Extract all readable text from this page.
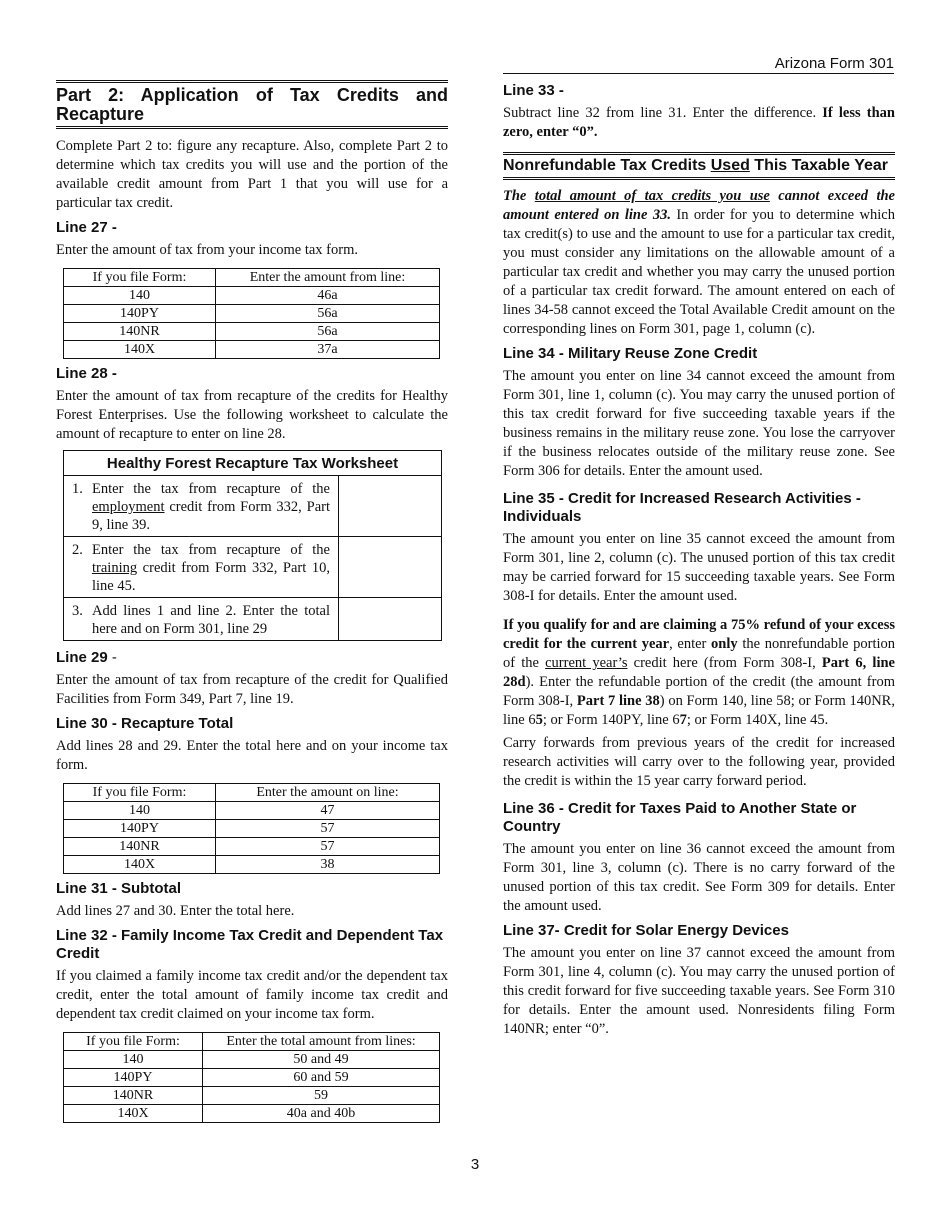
Arizona Form 301
Part 2: Application of Tax Credits and Recapture

Complete Part 2 to: figure any recapture. Also, complete Part 2 to determine which tax credits you will use and the portion of the available credit amount from Part 1 that you will use for a particular tax credit.

Line 27 -

Enter the amount of tax from your income tax form.

If you file Form:	Enter the amount from line:
140	46a
140PY	56a
140NR	56a
140X	37a
Line 28 -

Enter the amount of tax from recapture of the credits for Healthy Forest Enterprises. Use the following worksheet to calculate the amount of recapture to enter on line 28.

Healthy Forest Recapture Tax Worksheet
1. Enter the tax from recapture of the employment credit from Form 332, Part 9, line 39.
2. Enter the tax from recapture of the training credit from Form 332, Part 10, line 45.
3. Add lines 1 and line 2. Enter the total here and on Form 301, line 29
Line 29 -

Enter the amount of tax from recapture of the credit for Qualified Facilities from Form 349, Part 7, line 19.

Line 30 - Recapture Total

Add lines 28 and 29. Enter the total here and on your income tax form.

If you file Form:	Enter the amount on line:
140	47
140PY	57
140NR	57
140X	38
Line 31 - Subtotal

Add lines 27 and 30. Enter the total here.

Line 32 - Family Income Tax Credit and Dependent Tax Credit

If you claimed a family income tax credit and/or the dependent tax credit, enter the total amount of family income tax credit and dependent tax credit claimed on your income tax form.

If you file Form:	Enter the total amount from lines:
140	50 and 49
140PY	60 and 59
140NR	59
140X	40a and 40b
Line 33 -

Subtract line 32 from line 31. Enter the difference. If less than zero, enter “0”.

Nonrefundable Tax Credits Used This Taxable Year

The total amount of tax credits you use cannot exceed the amount entered on line 33. In order for you to determine which tax credit(s) to use and the amount to use for a particular tax credit, you must consider any limitations on the allowable amount of a particular tax credit and whether you may carry the unused portion of a particular tax credit forward. The amount entered on each of lines 34-58 cannot exceed the Total Available Credit amount on the corresponding lines on Form 301, page 1, column (c).

Line 34 - Military Reuse Zone Credit

The amount you enter on line 34 cannot exceed the amount from Form 301, line 1, column (c). You may carry the unused portion of this tax credit forward for five succeeding taxable years if the business remains in the military reuse zone. You lose the carryover if the business relocates outside of the military reuse zone. See Form 306 for details. Enter the amount used.

Line 35 - Credit for Increased Research Activities - Individuals

The amount you enter on line 35 cannot exceed the amount from Form 301, line 2, column (c). The unused portion of this tax credit may be carried forward for 15 succeeding taxable years. See Form 308-I for details. Enter the amount used.

If you qualify for and are claiming a 75% refund of your excess credit for the current year, enter only the nonrefundable portion of the current year’s credit here (from Form 308-I, Part 6, line 28d). Enter the refundable portion of the credit (the amount from Form 308-I, Part 7 line 38) on Form 140, line 58; or Form 140NR, line 65; or Form 140PY, line 67; or Form 140X, line 45.

Carry forwards from previous years of the credit for increased research activities will carry over to the following year, provided the credit is within the 15 year carry forward period.

Line 36 - Credit for Taxes Paid to Another State or Country

The amount you enter on line 36 cannot exceed the amount from Form 301, line 3, column (c). There is no carry forward of the unused portion of this tax credit. See Form 309 for details. Enter the amount used.

Line 37- Credit for Solar Energy Devices

The amount you enter on line 37 cannot exceed the amount from Form 301, line 4, column (c). You may carry the unused portion of this credit forward for five succeeding taxable years. See Form 310 for details. Enter the amount used. Nonresidents filing Form 140NR; enter “0”.

3
